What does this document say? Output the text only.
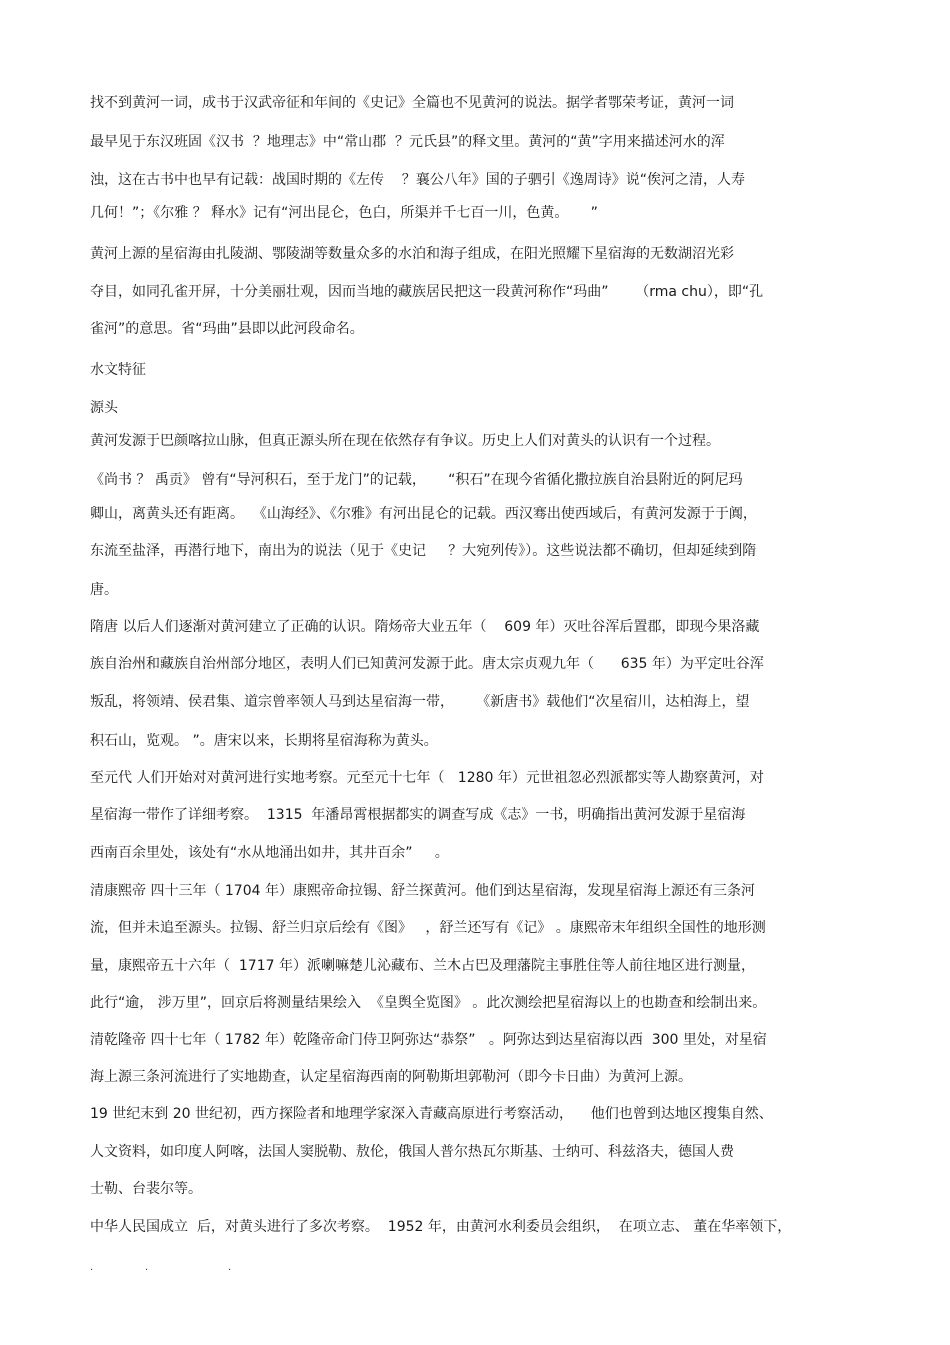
找不到黄河一词，成书于汉武帝征和年间的《史记》全篇也不见黄河的说法。据学者鄂荣考证，黄河一词

最早见于东汉班固《汉书  ？地理志》中“常山郡  ？元氏县”的释文里。黄河的“黄”字用来描述河水的浑

浊，这在古书中也早有记载：战国时期的《左传    ？襄公八年》国的子驷引《逸周诗》说“俟河之清，人寿

几何！”；《尔雅 ？ 释水》记有“河出昆仑，色白，所渠并千七百一川，色黄。     ”

黄河上源的星宿海由扎陵湖、鄂陵湖等数量众多的水泊和海子组成，在阳光照耀下星宿海的无数湖沼光彩

夺目，如同孔雀开屏，十分美丽壮观，因而当地的藏族居民把这一段黄河称作“玛曲”      （rma chu），即“孔

雀河”的意思。省“玛曲”县即以此河段命名。

水文特征

源头

黄河发源于巴颜喀拉山脉，但真正源头所在现在依然存有争议。历史上人们对黄头的认识有一个过程。

《尚书 ？ 禹贡》 曾有“导河积石，至于龙门”的记载，     “积石”在现今省循化撒拉族自治县附近的阿尼玛

卿山，离黄头还有距离。  《山海经》、《尔雅》有河出昆仑的记载。西汉骞出使西域后，有黄河发源于于阗，

东流至盐泽，再潜行地下，南出为的说法（见于《史记     ？大宛列传》）。这些说法都不确切，但却延续到隋

唐。

隋唐 以后人们逐渐对黄河建立了正确的认识。隋炀帝大业五年（    609 年）灭吐谷浑后置郡，即现今果洛藏

族自治州和藏族自治州部分地区，表明人们已知黄河发源于此。唐太宗贞观九年（      635 年）为平定吐谷浑

叛乱，将领靖、侯君集、道宗曾率领人马到达星宿海一带，     《新唐书》载他们“次星宿川，达柏海上，望

积石山，览观。 ”。唐宋以来，长期将星宿海称为黄头。

至元代 人们开始对对黄河进行实地考察。元至元十七年（   1280 年）元世祖忽必烈派都实等人勘察黄河，对

星宿海一带作了详细考察。  1315  年潘昂霄根据都实的调查写成《志》一书，明确指出黄河发源于星宿海

西南百余里处，该处有“水从地涌出如井，其井百余”     。

清康熙帝 四十三年（ 1704 年）康熙帝命拉锡、舒兰探黄河。他们到达星宿海，发现星宿海上源还有三条河

流，但并未追至源头。拉锡、舒兰归京后绘有《图》   ，舒兰还写有《记》 。康熙帝末年组织全国性的地形测

量，康熙帝五十六年（  1717 年）派喇嘛楚儿沁藏布、兰木占巴及理藩院主事胜住等人前往地区进行测量，

此行“逾， 涉万里”，回京后将测量结果绘入  《皇舆全览图》 。此次测绘把星宿海以上的也勘查和绘制出来。

清乾隆帝 四十七年（ 1782 年）乾隆帝命门侍卫阿弥达“恭祭”   。阿弥达到达星宿海以西  300 里处，对星宿

海上源三条河流进行了实地勘查，认定星宿海西南的阿勒斯坦郭勒河（即今卡日曲）为黄河上源。

19 世纪末到 20 世纪初，西方探险者和地理学家深入青藏高原进行考察活动，    他们也曾到达地区搜集自然、

人文资料，如印度人阿喀，法国人窦脱勒、敖伦，俄国人普尔热瓦尔斯基、士纳可、科兹洛夫，德国人费

士勒、台裴尔等。

中华人民国成立  后，对黄头进行了多次考察。  1952 年，由黄河水利委员会组织，  在项立志、 董在华率领下，

.	.	.
